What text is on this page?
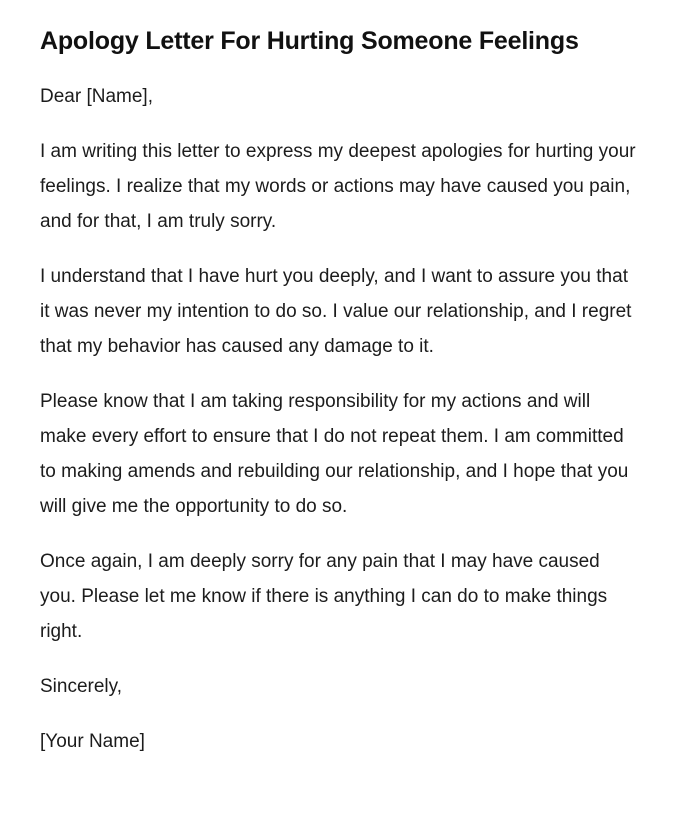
Apology Letter For Hurting Someone Feelings

Dear [Name],

I am writing this letter to express my deepest apologies for hurting your feelings. I realize that my words or actions may have caused you pain, and for that, I am truly sorry.

I understand that I have hurt you deeply, and I want to assure you that it was never my intention to do so. I value our relationship, and I regret that my behavior has caused any damage to it.

Please know that I am taking responsibility for my actions and will make every effort to ensure that I do not repeat them. I am committed to making amends and rebuilding our relationship, and I hope that you will give me the opportunity to do so.

Once again, I am deeply sorry for any pain that I may have caused you. Please let me know if there is anything I can do to make things right.

Sincerely,

[Your Name]
